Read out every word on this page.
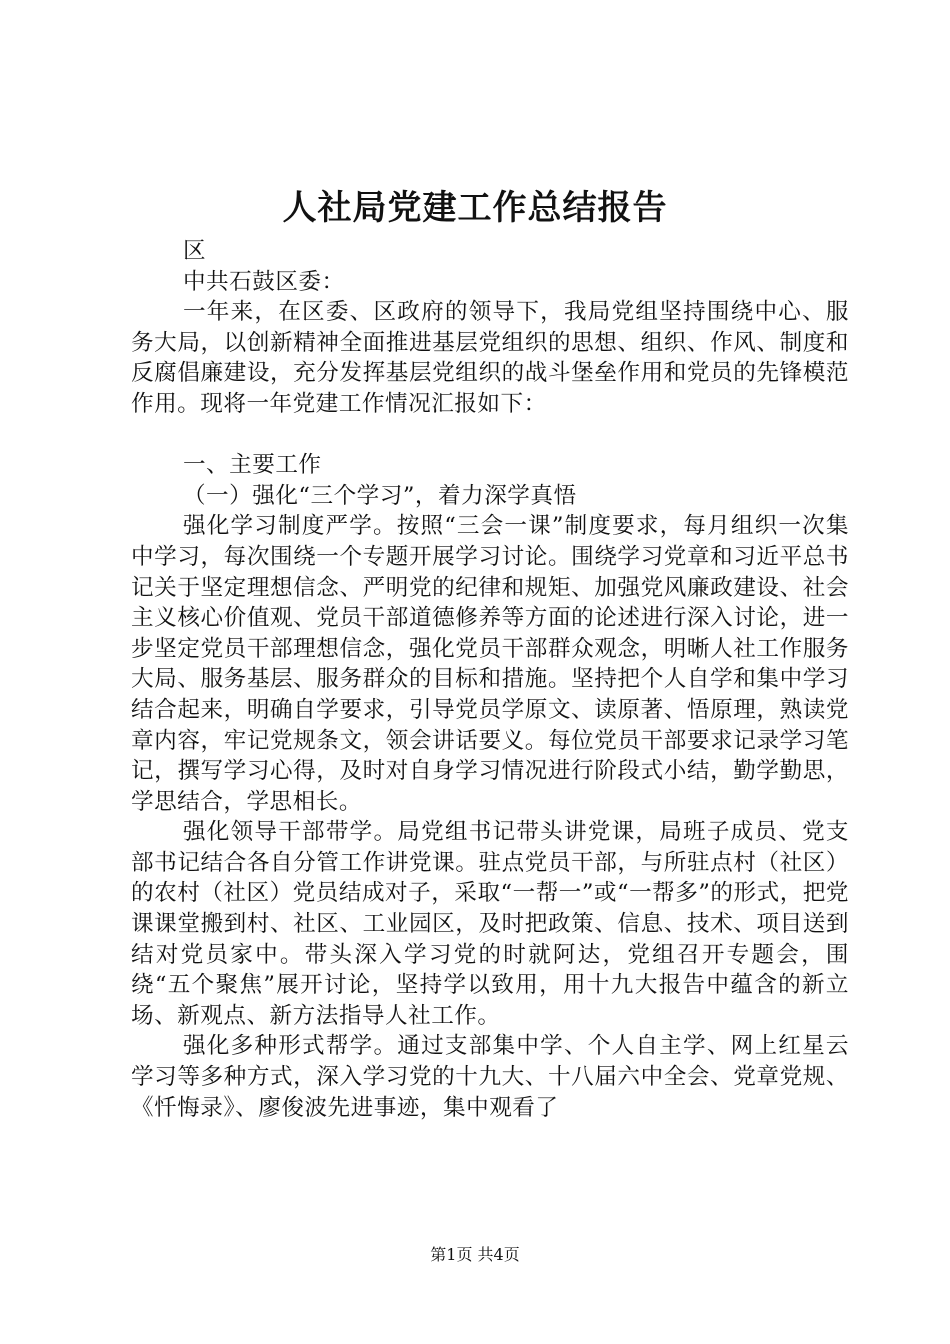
人社局党建工作总结报告

区

中共石鼓区委：

一年来，在区委、区政府的领导下，我局党组坚持围绕中心、服务大局，以创新精神全面推进基层党组织的思想、组织、作风、制度和反腐倡廉建设，充分发挥基层党组织的战斗堡垒作用和党员的先锋模范作用。现将一年党建工作情况汇报如下：

一、主要工作

（一）强化“三个学习”，着力深学真悟

强化学习制度严学。按照“三会一课”制度要求，每月组织一次集中学习，每次围绕一个专题开展学习讨论。围绕学习党章和习近平总书记关于坚定理想信念、严明党的纪律和规矩、加强党风廉政建设、社会主义核心价值观、党员干部道德修养等方面的论述进行深入讨论，进一步坚定党员干部理想信念，强化党员干部群众观念，明晰人社工作服务大局、服务基层、服务群众的目标和措施。坚持把个人自学和集中学习结合起来，明确自学要求，引导党员学原文、读原著、悟原理，熟读党章内容，牢记党规条文，领会讲话要义。每位党员干部要求记录学习笔记，撰写学习心得，及时对自身学习情况进行阶段式小结，勤学勤思，学思结合，学思相长。

强化领导干部带学。局党组书记带头讲党课，局班子成员、党支部书记结合各自分管工作讲党课。驻点党员干部，与所驻点村（社区）的农村（社区）党员结成对子，采取“一帮一”或“一帮多”的形式，把党课课堂搬到村、社区、工业园区，及时把政策、信息、技术、项目送到结对党员家中。带头深入学习党的时就阿达，党组召开专题会，围绕“五个聚焦”展开讨论，坚持学以致用，用十九大报告中蕴含的新立场、新观点、新方法指导人社工作。

强化多种形式帮学。通过支部集中学、个人自主学、网上红星云学习等多种方式，深入学习党的十九大、十八届六中全会、党章党规、《忏悔录》、廖俊波先进事迹，集中观看了

第1页 共4页
